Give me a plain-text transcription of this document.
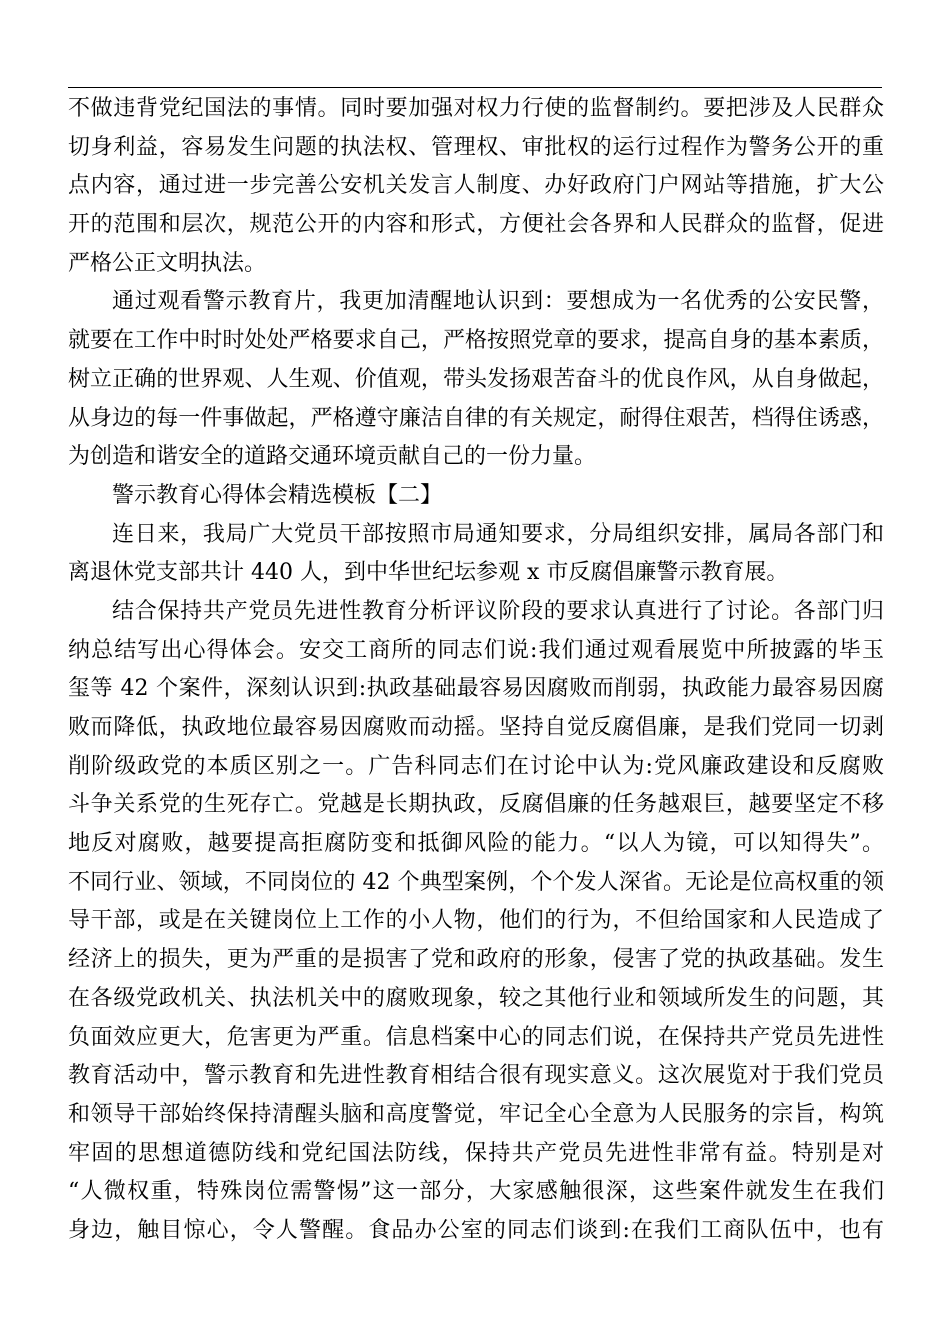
不做违背党纪国法的事情。同时要加强对权力行使的监督制约。要把涉及人民群众
切身利益，容易发生问题的执法权、管理权、审批权的运行过程作为警务公开的重
点内容，通过进一步完善公安机关发言人制度、办好政府门户网站等措施，扩大公
开的范围和层次，规范公开的内容和形式，方便社会各界和人民群众的监督，促进
严格公正文明执法。
通过观看警示教育片，我更加清醒地认识到：要想成为一名优秀的公安民警，
就要在工作中时时处处严格要求自己，严格按照党章的要求，提高自身的基本素质，
树立正确的世界观、人生观、价值观，带头发扬艰苦奋斗的优良作风，从自身做起，
从身边的每一件事做起，严格遵守廉洁自律的有关规定，耐得住艰苦，档得住诱惑，
为创造和谐安全的道路交通环境贡献自己的一份力量。
警示教育心得体会精选模板【二】
连日来，我局广大党员干部按照市局通知要求，分局组织安排，属局各部门和
离退休党支部共计 440 人，到中华世纪坛参观 x 市反腐倡廉警示教育展。
结合保持共产党员先进性教育分析评议阶段的要求认真进行了讨论。各部门归
纳总结写出心得体会。安交工商所的同志们说:我们通过观看展览中所披露的毕玉
玺等 42 个案件，深刻认识到:执政基础最容易因腐败而削弱，执政能力最容易因腐
败而降低，执政地位最容易因腐败而动摇。坚持自觉反腐倡廉，是我们党同一切剥
削阶级政党的本质区别之一。广告科同志们在讨论中认为:党风廉政建设和反腐败
斗争关系党的生死存亡。党越是长期执政，反腐倡廉的任务越艰巨，越要坚定不移
地反对腐败，越要提高拒腐防变和抵御风险的能力。“以人为镜，可以知得失”。
不同行业、领域，不同岗位的 42 个典型案例，个个发人深省。无论是位高权重的领
导干部，或是在关键岗位上工作的小人物，他们的行为，不但给国家和人民造成了
经济上的损失，更为严重的是损害了党和政府的形象，侵害了党的执政基础。发生
在各级党政机关、执法机关中的腐败现象，较之其他行业和领域所发生的问题，其
负面效应更大，危害更为严重。信息档案中心的同志们说，在保持共产党员先进性
教育活动中，警示教育和先进性教育相结合很有现实意义。这次展览对于我们党员
和领导干部始终保持清醒头脑和高度警觉，牢记全心全意为人民服务的宗旨，构筑
牢固的思想道德防线和党纪国法防线，保持共产党员先进性非常有益。特别是对
“人微权重，特殊岗位需警惕”这一部分，大家感触很深，这些案件就发生在我们
身边，触目惊心，令人警醒。食品办公室的同志们谈到:在我们工商队伍中，也有
